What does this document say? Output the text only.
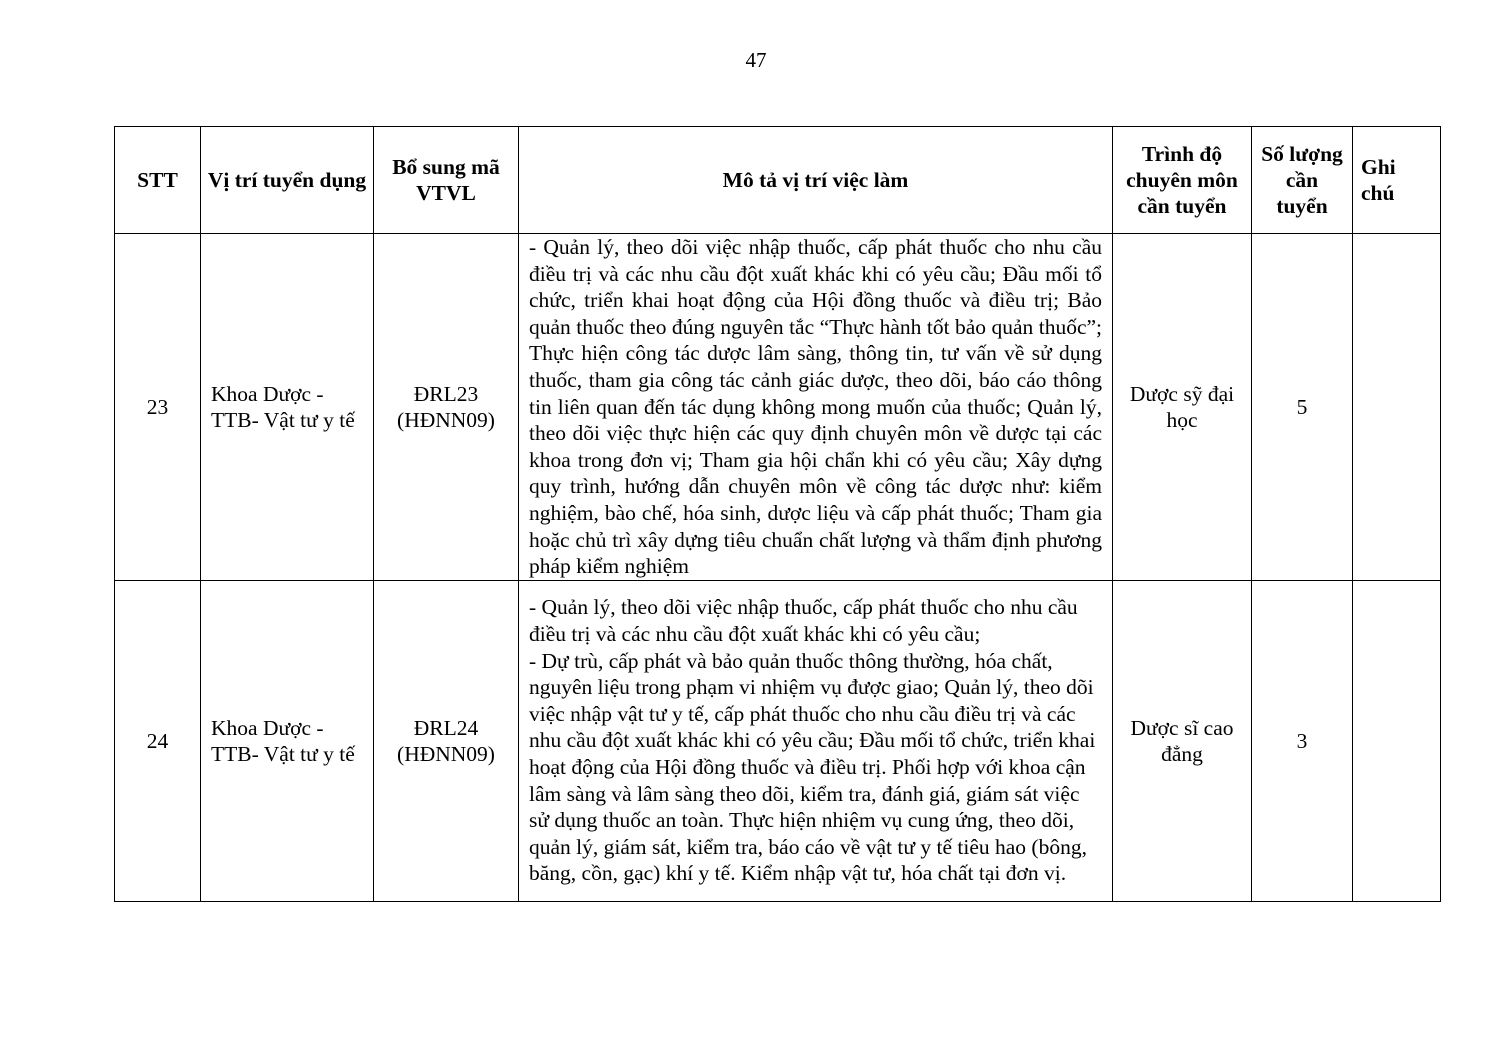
47
STT	Vị trí tuyển dụng	Bổ sung mã VTVL	Mô tả vị trí việc làm	Trình độ chuyên môn cần tuyển	Số lượng cần tuyển	Ghi chú
23	Khoa Dược - TTB- Vật tư y tế	ĐRL23 (HĐNN09)	- Quản lý, theo dõi việc nhập thuốc, cấp phát thuốc cho nhu cầu điều trị và các nhu cầu đột xuất khác khi có yêu cầu; Đầu mối tổ chức, triển khai hoạt động của Hội đồng thuốc và điều trị; Bảo quản thuốc theo đúng nguyên tắc “Thực hành tốt bảo quản thuốc”; Thực hiện công tác dược lâm sàng, thông tin, tư vấn về sử dụng thuốc, tham gia công tác cảnh giác dược, theo dõi, báo cáo thông tin liên quan đến tác dụng không mong muốn của thuốc; Quản lý, theo dõi việc thực hiện các quy định chuyên môn về dược tại các khoa trong đơn vị; Tham gia hội chẩn khi có yêu cầu; Xây dựng quy trình, hướng dẫn chuyên môn về công tác dược như: kiểm nghiệm, bào chế, hóa sinh, dược liệu và cấp phát thuốc; Tham gia hoặc chủ trì xây dựng tiêu chuẩn chất lượng và thẩm định phương pháp kiểm nghiệm	Dược sỹ đại học	5	
24	Khoa Dược - TTB- Vật tư y tế	ĐRL24 (HĐNN09)	- Quản lý, theo dõi việc nhập thuốc, cấp phát thuốc cho nhu cầu điều trị và các nhu cầu đột xuất khác khi có yêu cầu;
- Dự trù, cấp phát và bảo quản thuốc thông thường, hóa chất, nguyên liệu trong phạm vi nhiệm vụ được giao; Quản lý, theo dõi việc nhập vật tư y tế, cấp phát thuốc cho nhu cầu điều trị và các nhu cầu đột xuất khác khi có yêu cầu; Đầu mối tổ chức, triển khai hoạt động của Hội đồng thuốc và điều trị. Phối hợp với khoa cận lâm sàng và lâm sàng theo dõi, kiểm tra, đánh giá, giám sát việc sử dụng thuốc an toàn. Thực hiện nhiệm vụ cung ứng, theo dõi, quản lý, giám sát, kiểm tra, báo cáo về vật tư y tế tiêu hao (bông, băng, cồn, gạc) khí y tế. Kiểm nhập vật tư, hóa chất tại đơn vị.	Dược sĩ cao đẳng	3	
